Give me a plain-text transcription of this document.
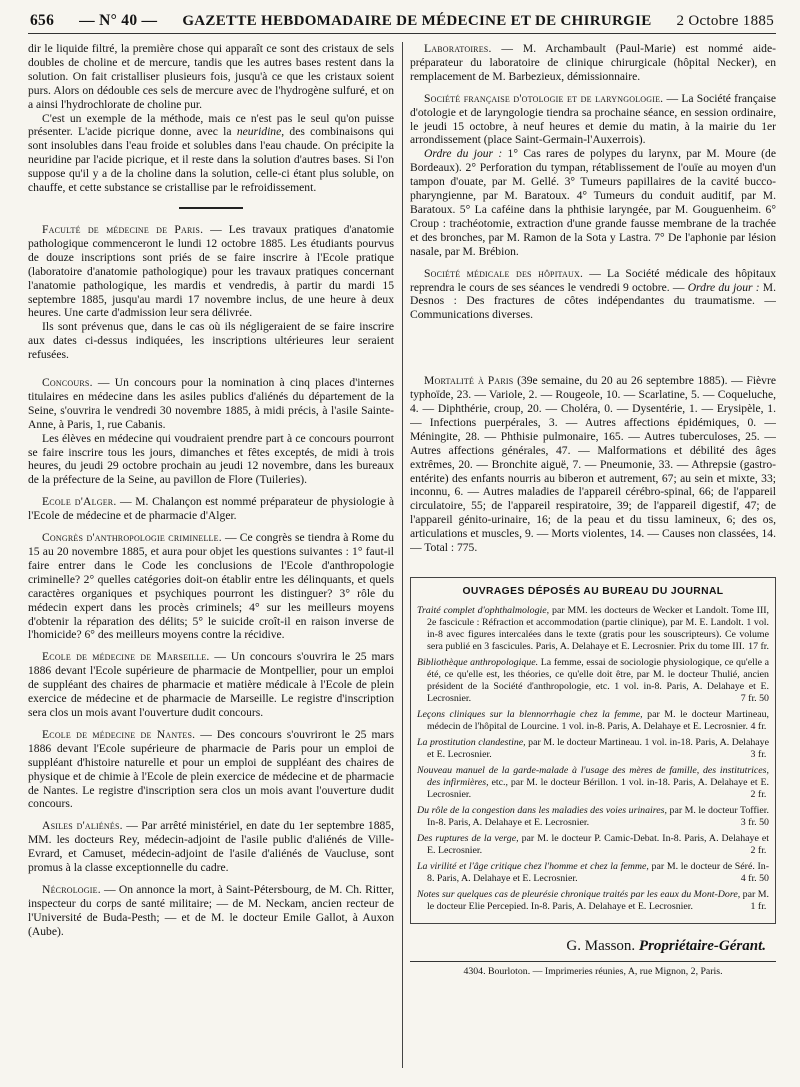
656 — N° 40 — GAZETTE HEBDOMADAIRE DE MÉDECINE ET DE CHIRURGIE 2 Octobre 1885

dir le liquide filtré, la première chose qui apparaît ce sont des cristaux de sels doubles de choline et de mercure, tandis que les autres bases restent dans la solution. On fait cristalliser plusieurs fois, jusqu'à ce que les cristaux soient purs. Alors on dédouble ces sels de mercure avec de l'hydrogène sulfuré, et on a ainsi l'hydrochlorate de choline pur.

C'est un exemple de la méthode, mais ce n'est pas le seul qu'on puisse présenter. L'acide picrique donne, avec la neuridine, des combinaisons qui sont insolubles dans l'eau froide et solubles dans l'eau chaude. On précipite la neuridine par l'acide picrique, et il reste dans la solution d'autres bases. Si l'on suppose qu'il y a de la choline dans la solution, celle-ci étant plus soluble, on chauffe, et cette substance se cristallise par le refroidissement.

Faculté de médecine de Paris. — Les travaux pratiques d'anatomie pathologique commenceront le lundi 12 octobre 1885. Les étudiants pourvus de douze inscriptions sont priés de se faire inscrire à l'Ecole pratique (laboratoire d'anatomie pathologique) pour les travaux pratiques concernant l'anatomie pathologique, les mardis et vendredis, à partir du mardi 15 septembre 1885, jusqu'au mardi 17 novembre inclus, de une heure à deux heures. Une carte d'admission leur sera délivrée.

Ils sont prévenus que, dans le cas où ils négligeraient de se faire inscrire aux dates ci-dessus indiquées, les inscriptions ultérieures leur seraient refusées.

Concours. — Un concours pour la nomination à cinq places d'internes titulaires en médecine dans les asiles publics d'aliénés du département de la Seine, s'ouvrira le vendredi 30 novembre 1885, à midi précis, à l'asile Sainte-Anne, à Paris, 1, rue Cabanis.

Les élèves en médecine qui voudraient prendre part à ce concours pourront se faire inscrire tous les jours, dimanches et fêtes exceptés, de midi à trois heures, du jeudi 29 octobre prochain au jeudi 12 novembre, dans les bureaux de la préfecture de la Seine, au pavillon de Flore (Tuileries).

Ecole d'Alger. — M. Chalançon est nommé préparateur de physiologie à l'Ecole de médecine et de pharmacie d'Alger.

Congrès d'anthropologie criminelle. — Ce congrès se tiendra à Rome du 15 au 20 novembre 1885, et aura pour objet les questions suivantes : 1° faut-il faire entrer dans le Code les conclusions de l'Ecole d'anthropologie criminelle? 2° quelles catégories doit-on établir entre les délinquants, et quels caractères organiques et psychiques pourront les distinguer? 3° rôle du médecin expert dans les procès criminels; 4° sur les meilleurs moyens d'obtenir la réparation des délits; 5° le suicide croît-il en raison inverse de l'homicide? 6° des meilleurs moyens contre la récidive.

Ecole de médecine de Marseille. — Un concours s'ouvrira le 25 mars 1886 devant l'Ecole supérieure de pharmacie de Montpellier, pour un emploi de suppléant des chaires de pharmacie et matière médicale à l'Ecole de plein exercice de médecine et de pharmacie de Marseille. Le registre d'inscription sera clos un mois avant l'ouverture dudit concours.

Ecole de médecine de Nantes. — Des concours s'ouvriront le 25 mars 1886 devant l'Ecole supérieure de pharmacie de Paris pour un emploi de suppléant d'histoire naturelle et pour un emploi de suppléant des chaires de physique et de chimie à l'Ecole de plein exercice de médecine et de pharmacie de Nantes. Le registre d'inscription sera clos un mois avant l'ouverture dudit concours.

Asiles d'aliénés. — Par arrêté ministériel, en date du 1er septembre 1885, MM. les docteurs Rey, médecin-adjoint de l'asile public d'aliénés de Ville-Evrard, et Camuset, médecin-adjoint de l'asile d'aliénés de Vaucluse, sont promus à la classe exceptionnelle du cadre.

Nécrologie. — On annonce la mort, à Saint-Pétersbourg, de M. Ch. Ritter, inspecteur du corps de santé militaire; — de M. Neckam, ancien recteur de l'Université de Buda-Pesth; — et de M. le docteur Emile Gallot, à Auxon (Aube).

Laboratoires. — M. Archambault (Paul-Marie) est nommé aide-préparateur du laboratoire de clinique chirurgicale (hôpital Necker), en remplacement de M. Barbezieux, démissionnaire.

Société française d'otologie et de laryngologie. — La Société française d'otologie et de laryngologie tiendra sa prochaine séance, en session ordinaire, le jeudi 15 octobre, à neuf heures et demie du matin, à la mairie du 1er arrondissement (place Saint-Germain-l'Auxerrois).

Ordre du jour : 1° Cas rares de polypes du larynx, par M. Moure (de Bordeaux). 2° Perforation du tympan, rétablissement de l'ouïe au moyen d'un tampon d'ouate, par M. Gellé. 3° Tumeurs papillaires de la cavité bucco-pharyngienne, par M. Baratoux. 4° Tumeurs du conduit auditif, par M. Baratoux. 5° La caféine dans la phthisie laryngée, par M. Gouguenheim. 6° Croup : trachéotomie, extraction d'une grande fausse membrane de la trachée et des bronches, par M. Ramon de la Sota y Lastra. 7° De l'aphonie par lésion nasale, par M. Brébion.

Société médicale des hôpitaux. — La Société médicale des hôpitaux reprendra le cours de ses séances le vendredi 9 octobre. — Ordre du jour : M. Desnos : Des fractures de côtes indépendantes du traumatisme. — Communications diverses.

Mortalité à Paris (39e semaine, du 20 au 26 septembre 1885). — Fièvre typhoïde, 23. — Variole, 2. — Rougeole, 10. — Scarlatine, 5. — Coqueluche, 4. — Diphthérie, croup, 20. — Choléra, 0. — Dysentérie, 1. — Erysipèle, 1. — Infections puerpérales, 3. — Autres affections épidémiques, 0. — Méningite, 28. — Phthisie pulmonaire, 165. — Autres tuberculoses, 25. — Autres affections générales, 47. — Malformations et débilité des âges extrêmes, 20. — Bronchite aiguë, 7. — Pneumonie, 33. — Athrepsie (gastro-entérite) des enfants nourris au biberon et autrement, 67; au sein et mixte, 33; inconnu, 6. — Autres maladies de l'appareil cérébro-spinal, 66; de l'appareil circulatoire, 55; de l'appareil respiratoire, 39; de l'appareil digestif, 47; de l'appareil génito-urinaire, 16; de la peau et du tissu lamineux, 6; des os, articulations et muscles, 9. — Morts violentes, 14. — Causes non classées, 14. — Total : 775.

OUVRAGES DÉPOSÉS AU BUREAU DU JOURNAL
Traité complet d'ophthalmologie, par MM. les docteurs de Wecker et Landolt. Tome III, 2e fascicule : Réfraction et accommodation (partie clinique), par M. E. Landolt. 1 vol. in-8 avec figures intercalées dans le texte (gratis pour les souscripteurs). Ce volume sera publié en 3 fascicules. Paris, A. Delahaye et E. Lecrosnier. Prix du tome III. 17 fr.
Bibliothèque anthropologique. La femme, essai de sociologie physiologique, ce qu'elle a été, ce qu'elle est, les théories, ce qu'elle doit être, par M. le docteur Thulié, ancien président de la Société d'anthropologie, etc. 1 vol. in-8. Paris, A. Delahaye et E. Lecrosnier.	7 fr. 50
Leçons cliniques sur la blennorrhagie chez la femme, par M. le docteur Martineau, médecin de l'hôpital de Lourcine. 1 vol. in-8. Paris, A. Delahaye et E. Lecrosnier. 4 fr.
La prostitution clandestine, par M. le docteur Martineau. 1 vol. in-18. Paris, A. Delahaye et E. Lecrosnier.	3 fr.
Nouveau manuel de la garde-malade à l'usage des mères de famille, des institutrices, des infirmières, etc., par M. le docteur Bérillon. 1 vol. in-18. Paris, A. Delahaye et E. Lecrosnier.	2 fr.
Du rôle de la congestion dans les maladies des voies urinaires, par M. le docteur Toffier. In-8. Paris, A. Delahaye et E. Lecrosnier.	3 fr. 50
Des ruptures de la verge, par M. le docteur P. Camic-Debat. In-8. Paris, A. Delahaye et E. Lecrosnier.	2 fr.
La virilité et l'âge critique chez l'homme et chez la femme, par M. le docteur de Séré. In-8. Paris, A. Delahaye et E. Lecrosnier.	4 fr. 50
Notes sur quelques cas de pleurésie chronique traités par les eaux du Mont-Dore, par M. le docteur Elie Percepied. In-8. Paris, A. Delahaye et E. Lecrosnier.	1 fr.
G. Masson. Propriétaire-Gérant.
4304. Bourloton. — Imprimeries réunies, A, rue Mignon, 2, Paris.
